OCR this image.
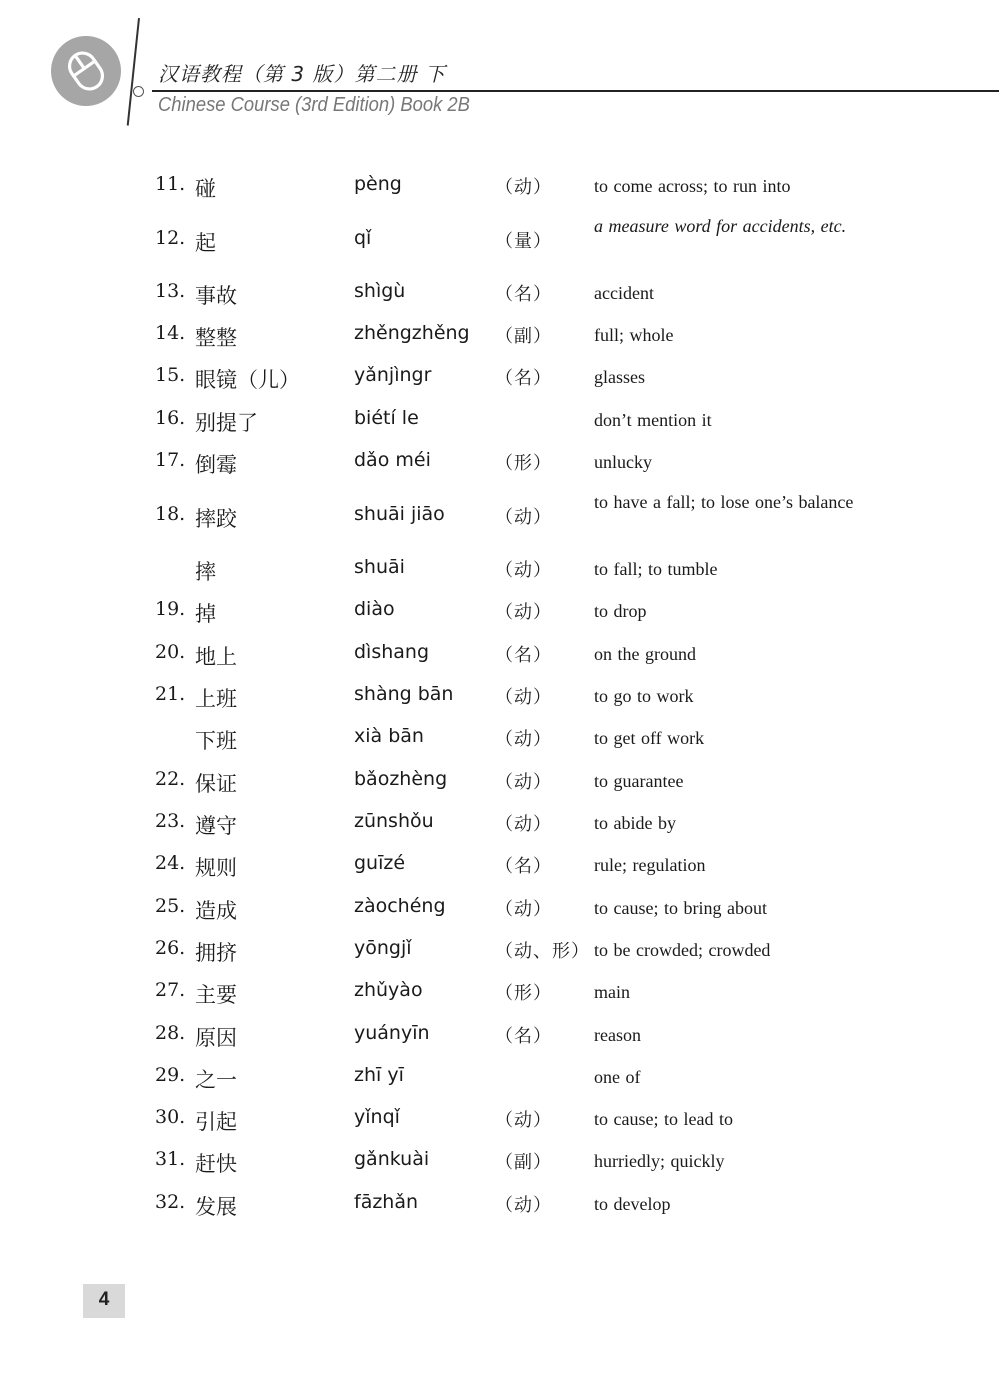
汉语教程（第 3 版）第二册 下
Chinese Course (3rd Edition) Book 2B
11. 碰	pèng	（动） to come across; to run into
12. 起	qǐ	（量）
a measure word for accidents, etc.
13. 事故	shìgù	（名） accident
14. 整整	zhěngzhěng （副） full; whole
15. 眼镜（儿）	yǎnjìngr	（名） glasses
16. 别提了	biétí le	don’t mention it
17. 倒霉	dǎo méi	（形） unlucky
18. 摔跤	shuāi jiāo	（动）
to have a fall; to lose one’s balance
摔	shuāi	（动） to fall; to tumble
19. 掉	diào	（动） to drop
20. 地上	dìshang	（名） on the ground
21. 上班	shàng bān （动） to go to work
下班	xià bān	（动） to get off work
22. 保证	bǎozhèng	（动） to guarantee
23. 遵守	zūnshǒu	（动） to abide by
24. 规则	guīzé	（名） rule; regulation
25. 造成	zàochéng	（动） to cause; to bring about
26. 拥挤	yōngjǐ	（动、形） to be crowded; crowded
27. 主要	zhǔyào	（形） main
28. 原因	yuányīn	（名） reason
29. 之一	zhī yī	one of
30. 引起	yǐnqǐ	（动） to cause; to lead to
31. 赶快	gǎnkuài	（副） hurriedly; quickly
32. 发展	fāzhǎn	（动） to develop
4
